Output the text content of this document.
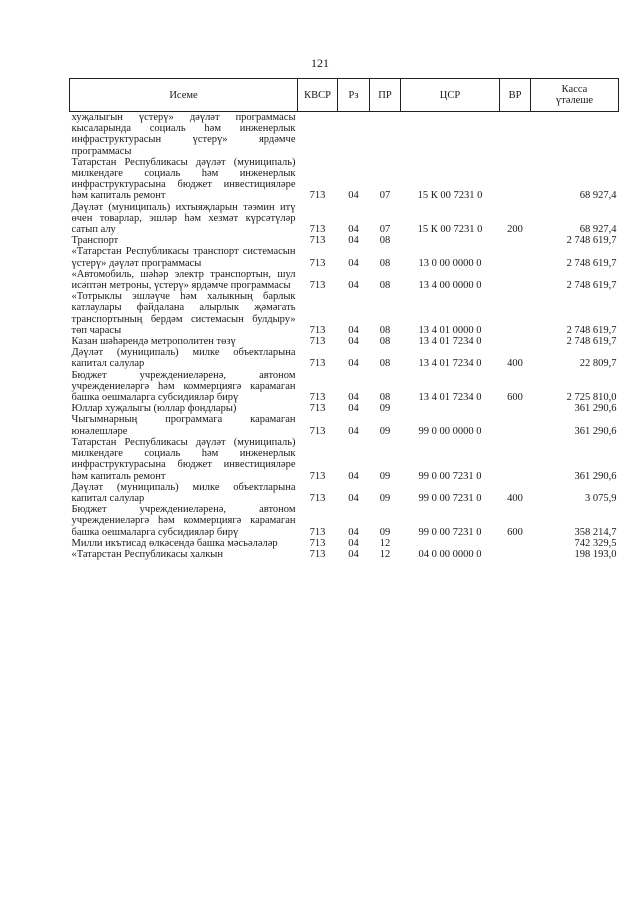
121
Исеме	КВСР	Рз	ПР	ЦСР	ВР	Касса
үтәлеше

хуҗалыгын үстерү» дәүләт программасы кысаларында социаль һәм инженерлык инфраструктурасын үстерү» ярдәмче программасы						
Татарстан Республикасы дәүләт (муниципаль) милкендәге социаль һәм инженерлык инфраструктурасына бюджет инвестицияләре һәм капиталь ремонт	713	04	07	15 К 00 7231 0		68 927,4
Дәүләт (муниципаль) ихтыяҗларын тәэмин итү өчен товарлар, эшләр һәм хезмәт күрсәтүләр сатып алу	713	04	07	15 К 00 7231 0	200	68 927,4
Транспорт	713	04	08			2 748 619,7
«Татарстан Республикасы транспорт системасын үстерү» дәүләт программасы	713	04	08	13 0 00 0000 0		2 748 619,7
«Автомобиль, шәһәр электр транспортын, шул исәптән метроны, үстерү» ярдәмче программасы	713	04	08	13 4 00 0000 0		2 748 619,7
«Тотрыклы эшләүче һәм халыкның барлык катлаулары файдалана алырлык җәмәгать транспортының бердәм системасын булдыру» төп чарасы	713	04	08	13 4 01 0000 0		2 748 619,7
Казан шәһәрендә метрополитен төзү	713	04	08	13 4 01 7234 0		2 748 619,7
Дәүләт (муниципаль) милке объектларына капитал салулар	713	04	08	13 4 01 7234 0	400	22 809,7
Бюджет учреждениеләренә, автоном учреждениеләргә һәм коммерциягә карамаган башка оешмаларга субсидияләр бирү	713	04	08	13 4 01 7234 0	600	2 725 810,0
Юллар хуҗалыгы (юллар фондлары)	713	04	09			361 290,6
Чыгымнарның программага карамаган юнәлешләре	713	04	09	99 0 00 0000 0		361 290,6
Татарстан Республикасы дәүләт (муниципаль) милкендәге социаль һәм инженерлык инфраструктурасына бюджет инвестицияләре һәм капиталь ремонт	713	04	09	99 0 00 7231 0		361 290,6
Дәүләт (муниципаль) милке объектларына капитал салулар	713	04	09	99 0 00 7231 0	400	3 075,9
Бюджет учреждениеләренә, автоном учреждениеләргә һәм коммерциягә карамаган башка оешмаларга субсидияләр бирү	713	04	09	99 0 00 7231 0	600	358 214,7
Милли икътисад өлкәсендә башка мәсьәләләр	713	04	12			742 329,5
«Татарстан Республикасы халкын	713	04	12	04 0 00 0000 0		198 193,0
